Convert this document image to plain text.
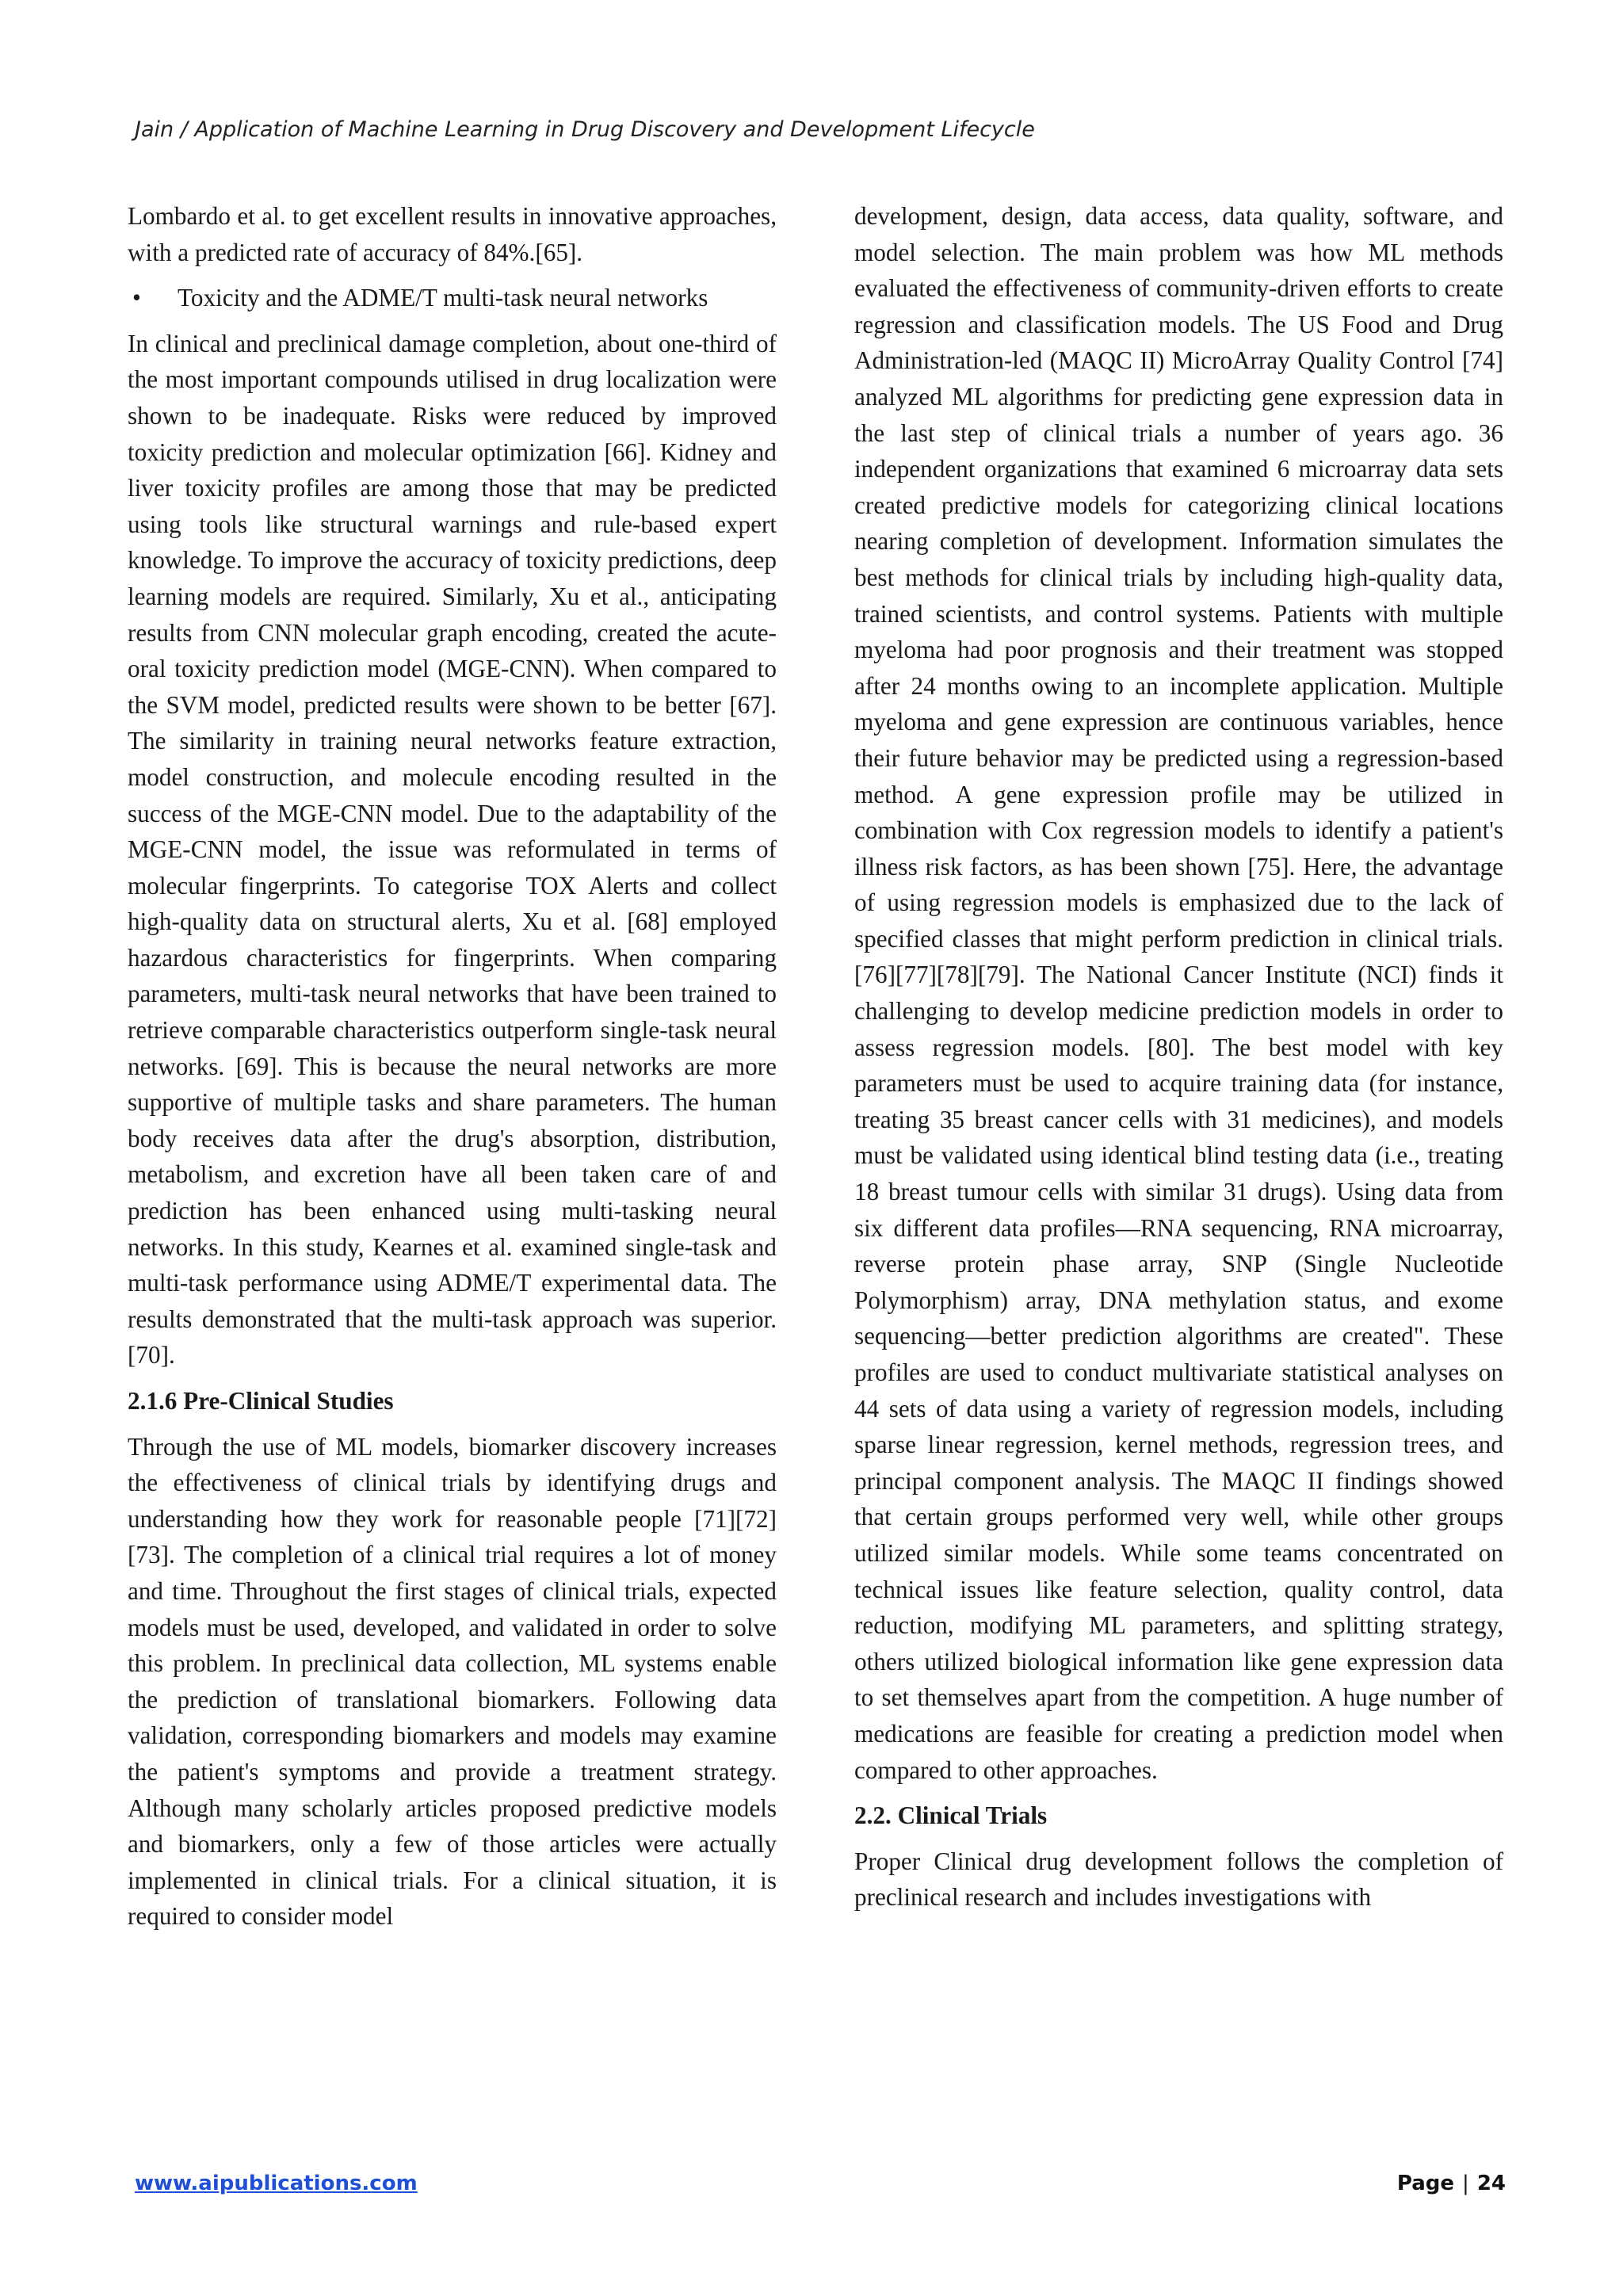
Jain / Application of Machine Learning in Drug Discovery and Development Lifecycle

Lombardo et al. to get excellent results in innovative approaches, with a predicted rate of accuracy of 84%.[65].

•	Toxicity and the ADME/T multi-task neural networks

In clinical and preclinical damage completion, about one-third of the most important compounds utilised in drug localization were shown to be inadequate. Risks were reduced by improved toxicity prediction and molecular optimization [66]. Kidney and liver toxicity profiles are among those that may be predicted using tools like structural warnings and rule-based expert knowledge. To improve the accuracy of toxicity predictions, deep learning models are required. Similarly, Xu et al., anticipating results from CNN molecular graph encoding, created the acute-oral toxicity prediction model (MGE-CNN). When compared to the SVM model, predicted results were shown to be better [67]. The similarity in training neural networks feature extraction, model construction, and molecule encoding resulted in the success of the MGE-CNN model. Due to the adaptability of the MGE-CNN model, the issue was reformulated in terms of molecular fingerprints. To categorise TOX Alerts and collect high-quality data on structural alerts, Xu et al. [68] employed hazardous characteristics for fingerprints. When comparing parameters, multi-task neural networks that have been trained to retrieve comparable characteristics outperform single-task neural networks. [69]. This is because the neural networks are more supportive of multiple tasks and share parameters. The human body receives data after the drug's absorption, distribution, metabolism, and excretion have all been taken care of and prediction has been enhanced using multi-tasking neural networks. In this study, Kearnes et al. examined single-task and multi-task performance using ADME/T experimental data. The results demonstrated that the multi-task approach was superior. [70].

2.1.6 Pre-Clinical Studies

Through the use of ML models, biomarker discovery increases the effectiveness of clinical trials by identifying drugs and understanding how they work for reasonable people [71][72][73]. The completion of a clinical trial requires a lot of money and time. Throughout the first stages of clinical trials, expected models must be used, developed, and validated in order to solve this problem. In preclinical data collection, ML systems enable the prediction of translational biomarkers. Following data validation, corresponding biomarkers and models may examine the patient's symptoms and provide a treatment strategy. Although many scholarly articles proposed predictive models and biomarkers, only a few of those articles were actually implemented in clinical trials. For a clinical situation, it is required to consider model

development, design, data access, data quality, software, and model selection. The main problem was how ML methods evaluated the effectiveness of community-driven efforts to create regression and classification models. The US Food and Drug Administration-led (MAQC II) MicroArray Quality Control [74] analyzed ML algorithms for predicting gene expression data in the last step of clinical trials a number of years ago. 36 independent organizations that examined 6 microarray data sets created predictive models for categorizing clinical locations nearing completion of development. Information simulates the best methods for clinical trials by including high-quality data, trained scientists, and control systems. Patients with multiple myeloma had poor prognosis and their treatment was stopped after 24 months owing to an incomplete application. Multiple myeloma and gene expression are continuous variables, hence their future behavior may be predicted using a regression-based method. A gene expression profile may be utilized in combination with Cox regression models to identify a patient's illness risk factors, as has been shown [75]. Here, the advantage of using regression models is emphasized due to the lack of specified classes that might perform prediction in clinical trials. [76][77][78][79]. The National Cancer Institute (NCI) finds it challenging to develop medicine prediction models in order to assess regression models. [80]. The best model with key parameters must be used to acquire training data (for instance, treating 35 breast cancer cells with 31 medicines), and models must be validated using identical blind testing data (i.e., treating 18 breast tumour cells with similar 31 drugs). Using data from six different data profiles—RNA sequencing, RNA microarray, reverse protein phase array, SNP (Single Nucleotide Polymorphism) array, DNA methylation status, and exome sequencing—better prediction algorithms are created". These profiles are used to conduct multivariate statistical analyses on 44 sets of data using a variety of regression models, including sparse linear regression, kernel methods, regression trees, and principal component analysis. The MAQC II findings showed that certain groups performed very well, while other groups utilized similar models. While some teams concentrated on technical issues like feature selection, quality control, data reduction, modifying ML parameters, and splitting strategy, others utilized biological information like gene expression data to set themselves apart from the competition. A huge number of medications are feasible for creating a prediction model when compared to other approaches.

2.2. Clinical Trials

Proper Clinical drug development follows the completion of preclinical research and includes investigations with

www.aipublications.com	Page | 24
